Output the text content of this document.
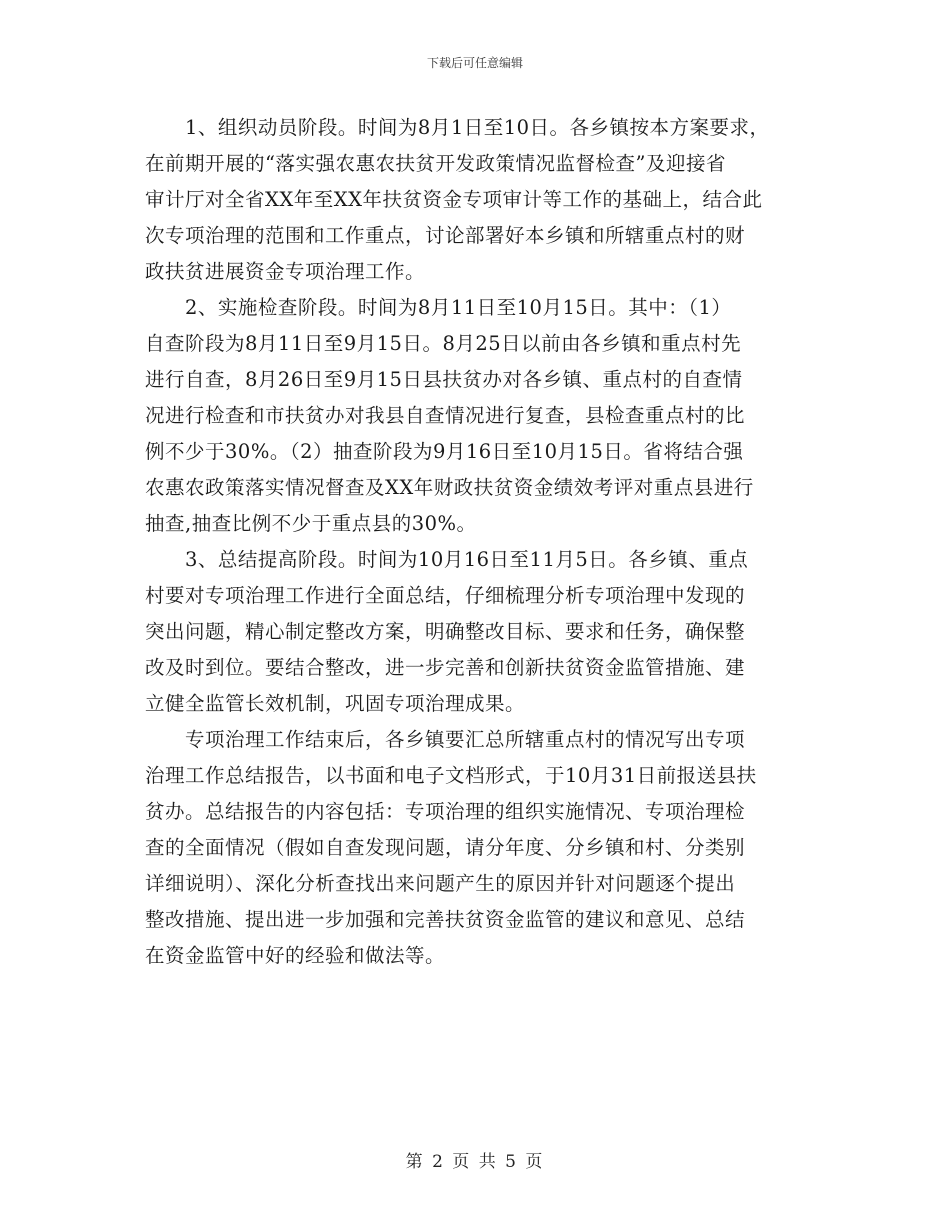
下载后可任意编辑
1、组织动员阶段。时间为8月1日至10日。各乡镇按本方案要求，
在前期开展的“落实强农惠农扶贫开发政策情况监督检查”及迎接省
审计厅对全省XX年至XX年扶贫资金专项审计等工作的基础上，结合此
次专项治理的范围和工作重点，讨论部署好本乡镇和所辖重点村的财
政扶贫进展资金专项治理工作。
2、实施检查阶段。时间为8月11日至10月15日。其中：（1）
自查阶段为8月11日至9月15日。8月25日以前由各乡镇和重点村先
进行自查，8月26日至9月15日县扶贫办对各乡镇、重点村的自查情
况进行检查和市扶贫办对我县自查情况进行复查，县检查重点村的比
例不少于30%。（2）抽查阶段为9月16日至10月15日。省将结合强
农惠农政策落实情况督查及XX年财政扶贫资金绩效考评对重点县进行
抽查,抽查比例不少于重点县的30%。
3、总结提高阶段。时间为10月16日至11月5日。各乡镇、重点
村要对专项治理工作进行全面总结，仔细梳理分析专项治理中发现的
突出问题，精心制定整改方案，明确整改目标、要求和任务，确保整
改及时到位。要结合整改，进一步完善和创新扶贫资金监管措施、建
立健全监管长效机制，巩固专项治理成果。
专项治理工作结束后，各乡镇要汇总所辖重点村的情况写出专项
治理工作总结报告，以书面和电子文档形式，于10月31日前报送县扶
贫办。总结报告的内容包括：专项治理的组织实施情况、专项治理检
查的全面情况（假如自查发现问题，请分年度、分乡镇和村、分类别
详细说明）、深化分析查找出来问题产生的原因并针对问题逐个提出
整改措施、提出进一步加强和完善扶贫资金监管的建议和意见、总结
在资金监管中好的经验和做法等。
第 2 页 共 5 页
